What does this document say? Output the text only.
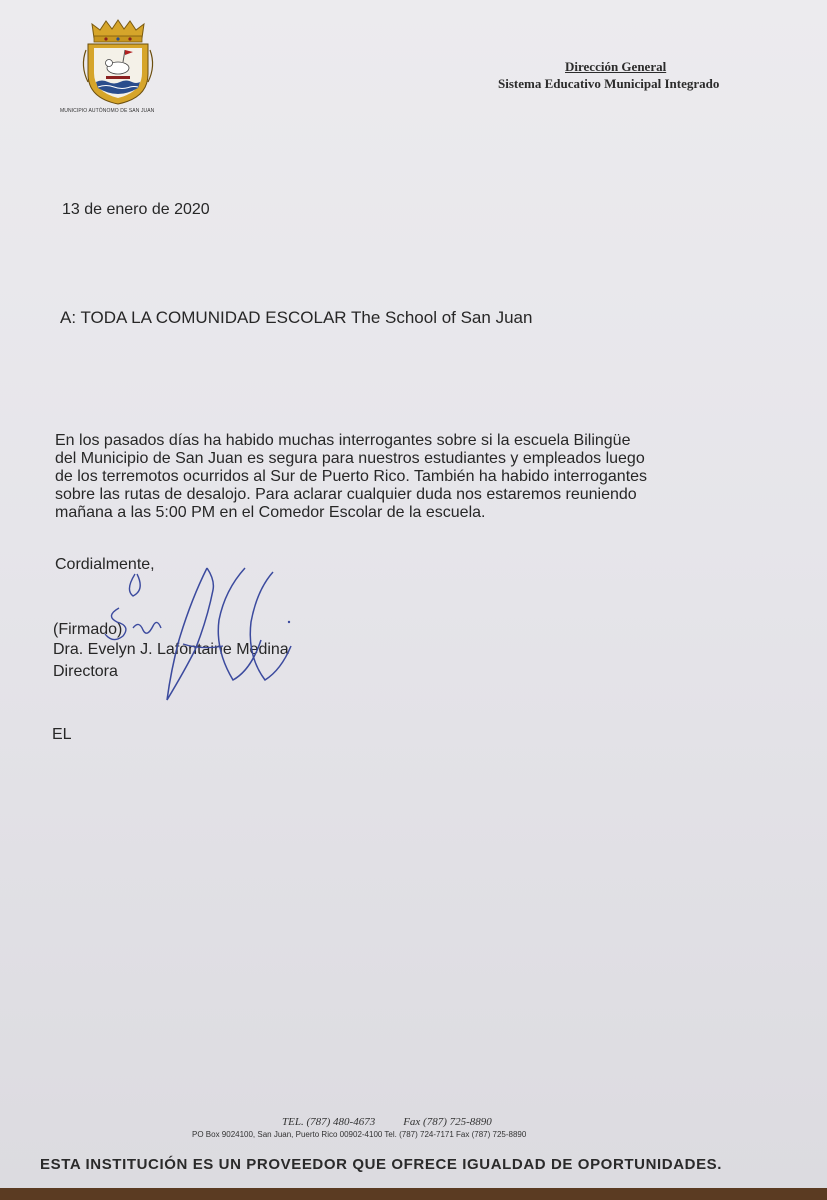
MUNICIPIO AUTÓNOMO DE SAN JUAN
Dirección General
Sistema Educativo Municipal Integrado
13 de enero de 2020
A: TODA LA COMUNIDAD ESCOLAR The School of San Juan
En los pasados días ha habido muchas interrogantes sobre si la escuela Bilingüe
del Municipio de San Juan es segura para nuestros estudiantes y empleados luego
de los terremotos ocurridos al Sur de Puerto Rico. También ha habido interrogantes
sobre las rutas de desalojo. Para aclarar cualquier duda nos estaremos reuniendo
mañana a las 5:00 PM en el Comedor Escolar de la escuela.
Cordialmente,
(Firmado)
Dra. Evelyn J. Lafontaine Medina
Directora
EL
TEL. (787) 480-4673	Fax (787) 725-8890
PO Box 9024100, San Juan, Puerto Rico 00902-4100 Tel. (787) 724-7171 Fax (787) 725-8890
ESTA INSTITUCIÓN ES UN PROVEEDOR QUE OFRECE IGUALDAD DE OPORTUNIDADES.
